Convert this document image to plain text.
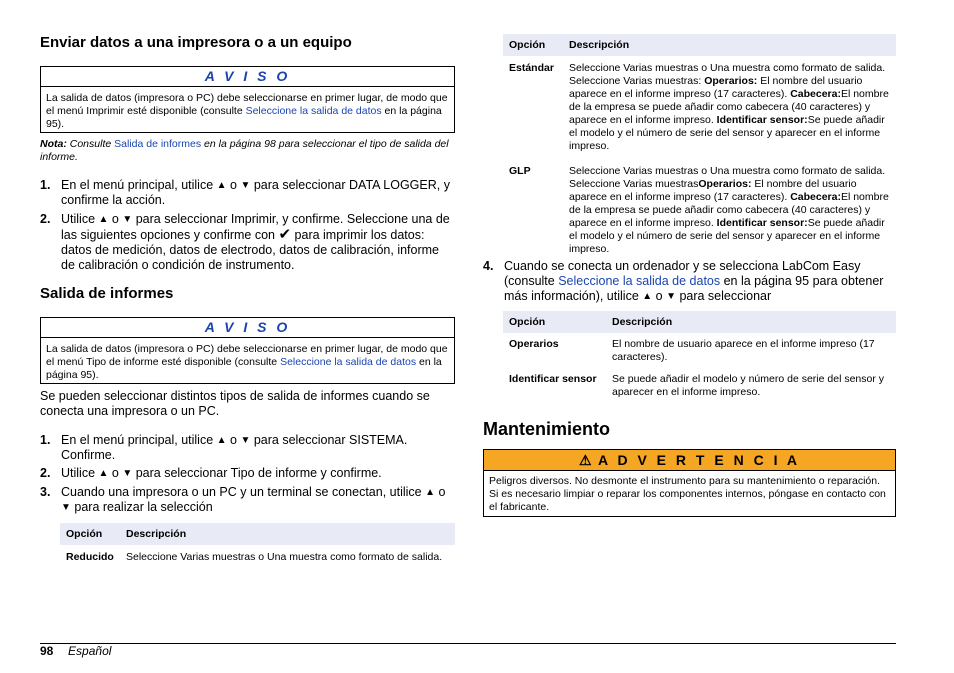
Enviar datos a una impresora o a un equipo
A V I S O
La salida de datos (impresora o PC) debe seleccionarse en primer lugar, de modo que el menú Imprimir esté disponible (consulte Seleccione la salida de datos en la página 95).
Nota: Consulte Salida de informes en la página 98 para seleccionar el tipo de salida del informe.
1. En el menú principal, utilice ▲ o ▼ para seleccionar DATA LOGGER, y confirme la acción.
2. Utilice ▲ o ▼ para seleccionar Imprimir, y confirme. Seleccione una de las siguientes opciones y confirme con ✔ para imprimir los datos: datos de medición, datos de electrodo, datos de calibración, informe de calibración o condición de instrumento.
Salida de informes
A V I S O
La salida de datos (impresora o PC) debe seleccionarse en primer lugar, de modo que el menú Tipo de informe esté disponible (consulte Seleccione la salida de datos en la página 95).
Se pueden seleccionar distintos tipos de salida de informes cuando se conecta una impresora o un PC.
1. En el menú principal, utilice ▲ o ▼ para seleccionar SISTEMA. Confirme.
2. Utilice ▲ o ▼ para seleccionar Tipo de informe y confirme.
3. Cuando una impresora o un PC y un terminal se conectan, utilice ▲ o ▼ para realizar la selección
Opción	Descripción
Reducido	Seleccione Varias muestras o Una muestra como formato de salida.
Opción	Descripción
Estándar	Seleccione Varias muestras o Una muestra como formato de salida. Seleccione Varias muestras: Operarios: El nombre del usuario aparece en el informe impreso (17 caracteres). Cabecera:El nombre de la empresa se puede añadir como cabecera (40 caracteres) y aparece en el informe impreso. Identificar sensor:Se puede añadir el modelo y el número de serie del sensor y aparecer en el informe impreso.
GLP	Seleccione Varias muestras o Una muestra como formato de salida. Seleccione Varias muestrasOperarios: El nombre del usuario aparece en el informe impreso (17 caracteres). Cabecera:El nombre de la empresa se puede añadir como cabecera (40 caracteres) y aparece en el informe impreso. Identificar sensor:Se puede añadir el modelo y el número de serie del sensor y aparecer en el informe impreso.
4. Cuando se conecta un ordenador y se selecciona LabCom Easy (consulte Seleccione la salida de datos en la página 95 para obtener más información), utilice ▲ o ▼ para seleccionar
Opción	Descripción
Operarios	El nombre de usuario aparece en el informe impreso (17 caracteres).
Identificar sensor	Se puede añadir el modelo y número de serie del sensor y aparecer en el informe impreso.
Mantenimiento
⚠ A D V E R T E N C I A
Peligros diversos. No desmonte el instrumento para su mantenimiento o reparación. Si es necesario limpiar o reparar los componentes internos, póngase en contacto con el fabricante.
98 Español
